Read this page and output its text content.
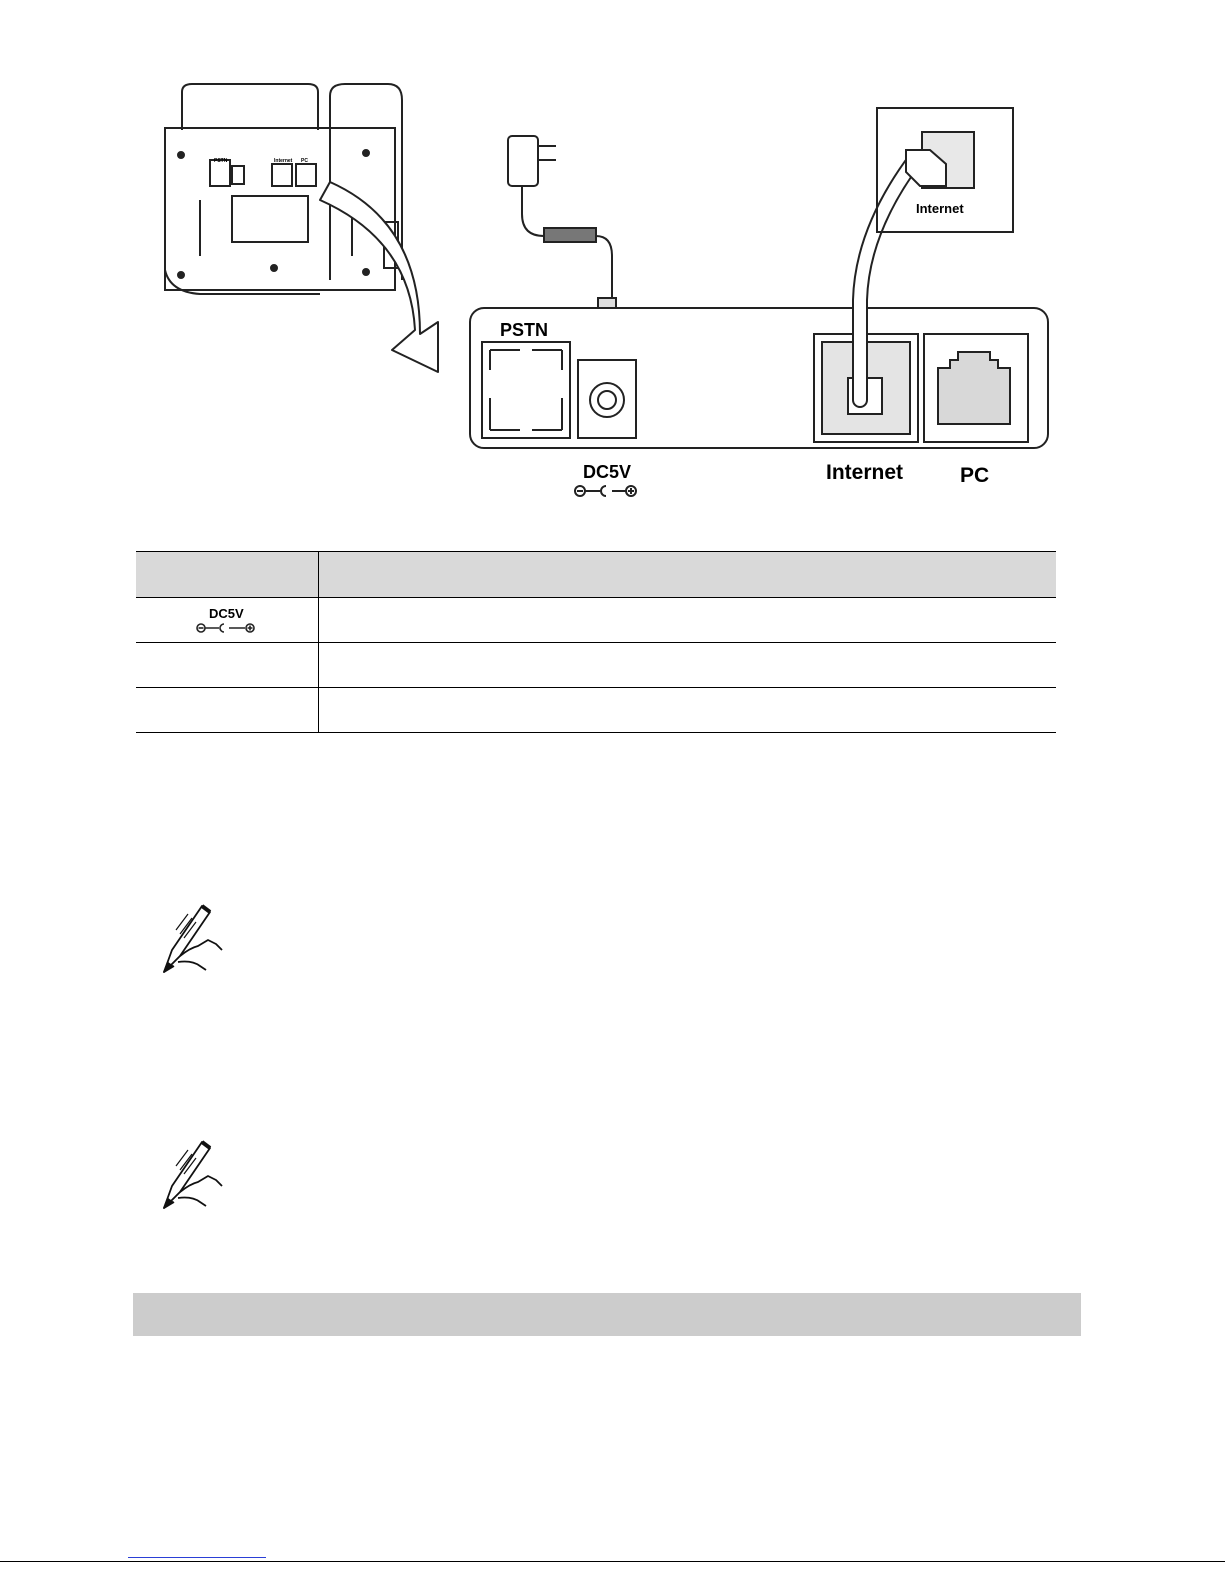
PSTN	Internet PC
PSTN
Internet
DC5V	Internet	PC

DC5V	
